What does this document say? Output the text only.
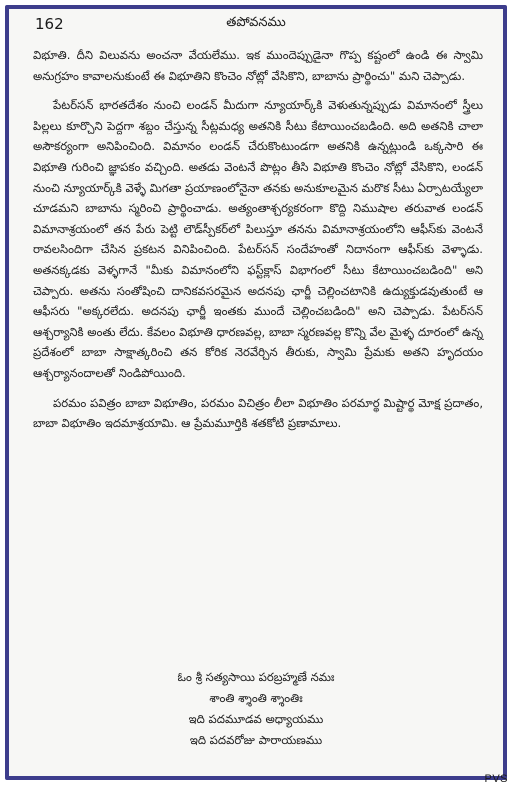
162	తపోవనము

విభూతి. దీని విలువను అంచనా వేయలేము. ఇక ముందెప్పుడైనా గొప్ప కష్టంలో ఉండి ఈ స్వామి అనుగ్రహం కావాలనుకుంటే ఈ విభూతిని కొంచెం నోట్లో వేసికొని, బాబాను ప్రార్థించు" మని చెప్పాడు.

పేటర్‌సన్ భారతదేశం నుంచి లండన్ మీదుగా న్యూయార్క్‌కి వెళుతున్నప్పుడు విమానంలో స్త్రీలు పిల్లలు కూర్చొని పెద్దగా శబ్దం చేస్తున్న సీట్లమధ్య అతనికి సీటు కేటాయించబడింది. అది అతనికి చాలా అసౌకర్యంగా అనిపించింది. విమానం లండన్ చేరుకొంటుండగా అతనికి ఉన్నట్లుండి ఒక్కసారి ఈ విభూతి గురించి జ్ఞాపకం వచ్చింది. అతడు వెంటనే పొట్లం తీసి విభూతి కొంచెం నోట్లో వేసికొని, లండన్ నుంచి న్యూయార్క్‌కి వెళ్ళే మిగతా ప్రయాణంలోనైనా తనకు అనుకూలమైన మరొక సీటు ఏర్పాటయ్యేలా చూడమని బాబాను స్మరించి ప్రార్థించాడు. అత్యంతాశ్చర్యకరంగా కొద్ది నిముషాల తరువాత లండన్ విమానాశ్రయంలో తన పేరు పెట్టి లౌడ్‌స్పీకర్‌లో పిలుస్తూ తనను విమానాశ్రయంలోని ఆఫీస్‌కు వెంటనే రావలసిందిగా చేసిన ప్రకటన వినిపించింది. పేటర్‌సన్ సందేహంతో నిదానంగా ఆఫీస్‌కు వెళ్ళాడు. అతనక్కడకు వెళ్ళగానే "మీకు విమానంలోని ఫస్ట్‌క్లాస్ విభాగంలో సీటు కేటాయించబడింది" అని చెప్పారు. అతను సంతోషించి దానికవసరమైన అదనపు ఛార్జీ చెల్లించటానికి ఉద్యుక్తుడవుతుంటే ఆ ఆఫీసరు "అక్కరలేదు. అదనపు ఛార్జీ ఇంతకు ముందే చెల్లించబడింది" అని చెప్పాడు. పేటర్‌సన్ ఆశ్చర్యానికి అంతు లేదు. కేవలం విభూతి ధారణవల్ల, బాబా స్మరణవల్ల కొన్ని వేల మైళ్ళ దూరంలో ఉన్న ప్రదేశంలో బాబా సాక్షాత్కరించి తన కోరిక నెరవేర్చిన తీరుకు, స్వామి ప్రేమకు అతని హృదయం ఆశ్చర్యానందాలతో నిండిపోయింది.

పరమం పవిత్రం బాబా విభూతిం, పరమం విచిత్రం లీలా విభూతిం పరమార్థ మిష్టార్థ మోక్ష ప్రదాతం, బాబా విభూతిం ఇదమాశ్రయామి. ఆ ప్రేమమూర్తికి శతకోటి ప్రణామాలు.

ఓం శ్రీ సత్యసాయి పరబ్రహ్మణే నమః
శాంతి శ్శాంతి శ్శాంతిః
ఇది పదమూడవ అధ్యాయము
ఇది పదవరోజు పారాయణము
PVS
